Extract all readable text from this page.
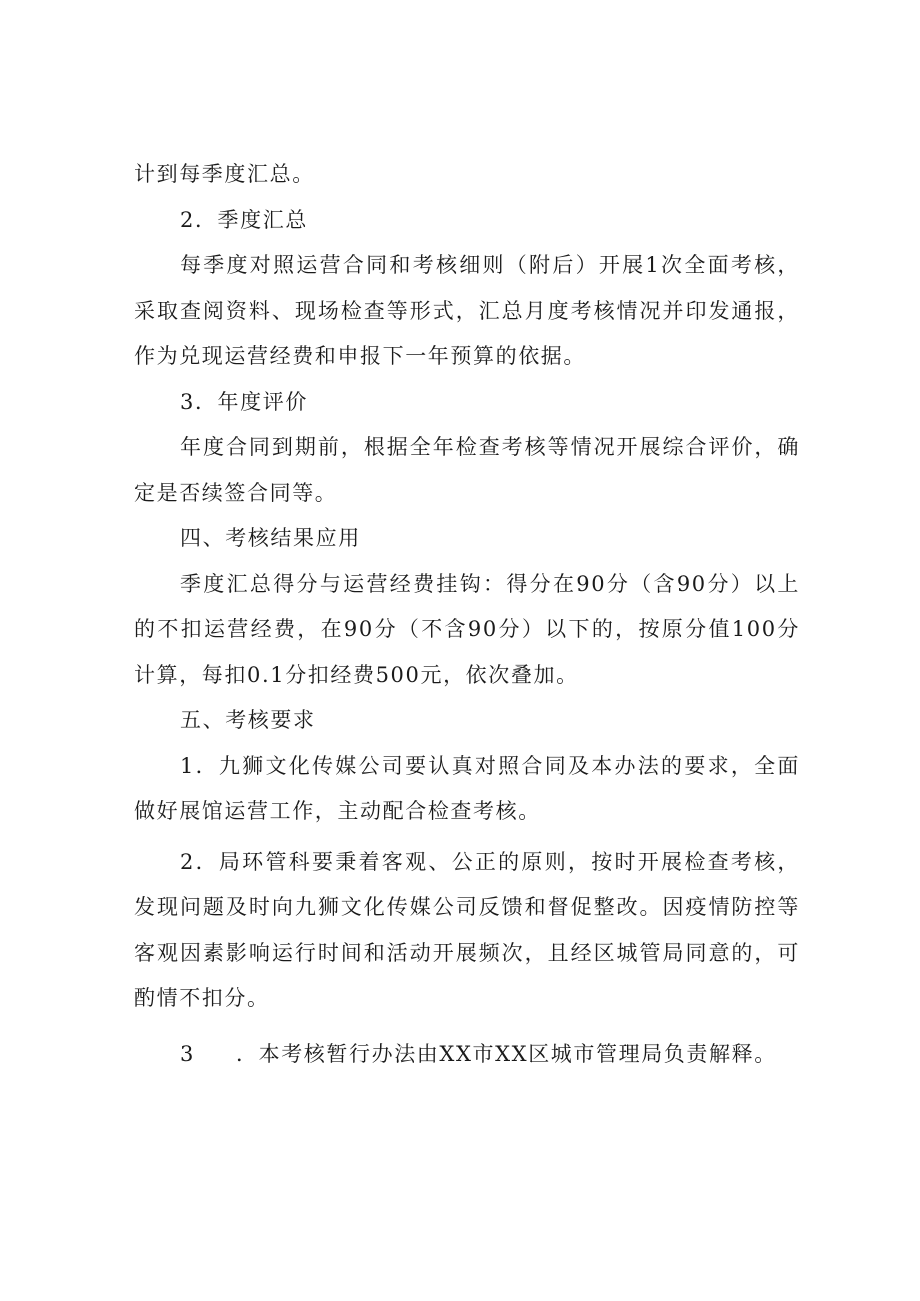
计到每季度汇总。

2．季度汇总

每季度对照运营合同和考核细则（附后）开展1次全面考核，采取查阅资料、现场检查等形式，汇总月度考核情况并印发通报，作为兑现运营经费和申报下一年预算的依据。

3．年度评价

年度合同到期前，根据全年检查考核等情况开展综合评价，确定是否续签合同等。

四、考核结果应用

季度汇总得分与运营经费挂钩：得分在90分（含90分）以上的不扣运营经费，在90分（不含90分）以下的，按原分值100分计算，每扣0.1分扣经费500元，依次叠加。

五、考核要求

1．九狮文化传媒公司要认真对照合同及本办法的要求，全面做好展馆运营工作，主动配合检查考核。

2．局环管科要秉着客观、公正的原则，按时开展检查考核，发现问题及时向九狮文化传媒公司反馈和督促整改。因疫情防控等客观因素影响运行时间和活动开展频次，且经区城管局同意的，可酌情不扣分。

3 ．本考核暂行办法由XX市XX区城市管理局负责解释。
